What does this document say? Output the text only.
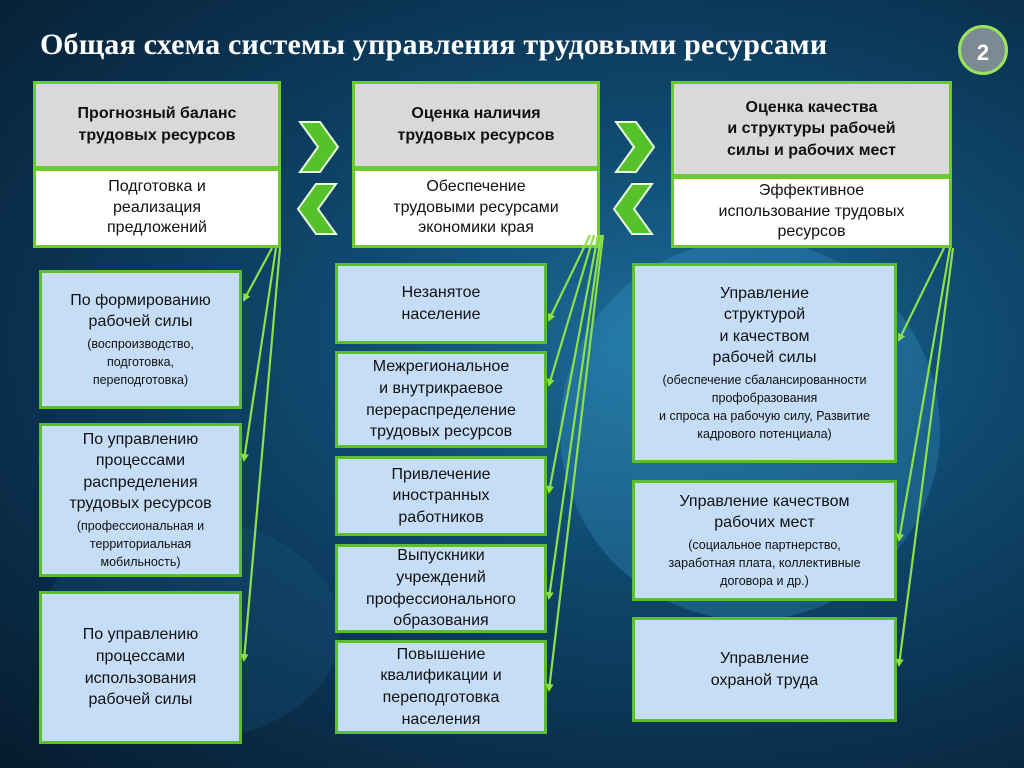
Общая схема системы управления трудовыми ресурсами	2
Прогнозный баланс
трудовых ресурсов
Подготовка и
реализация
предложений
Оценка наличия
трудовых ресурсов
Обеспечение
трудовыми ресурсами
экономики края
Оценка качества
и структуры рабочей
силы и рабочих мест
Эффективное
использование трудовых
ресурсов
По формированию
рабочей силы
(воспроизводство,
подготовка,
переподготовка)
По управлению
процессами
распределения
трудовых ресурсов
(профессиональная и
территориальная
мобильность)
По управлению
процессами
использования
рабочей силы
Незанятое
население
Межрегиональное
и внутрикраевое
перераспределение
трудовых ресурсов
Привлечение
иностранных
работников
Выпускники
учреждений
профессионального
образования
Повышение
квалификации и
переподготовка
населения
Управление
структурой
и качеством
рабочей силы
(обеспечение сбалансированности
профобразования
и спроса на рабочую силу, Развитие
кадрового потенциала)
Управление качеством
рабочих мест
(социальное партнерство,
заработная плата, коллективные
договора и др.)
Управление
охраной труда
